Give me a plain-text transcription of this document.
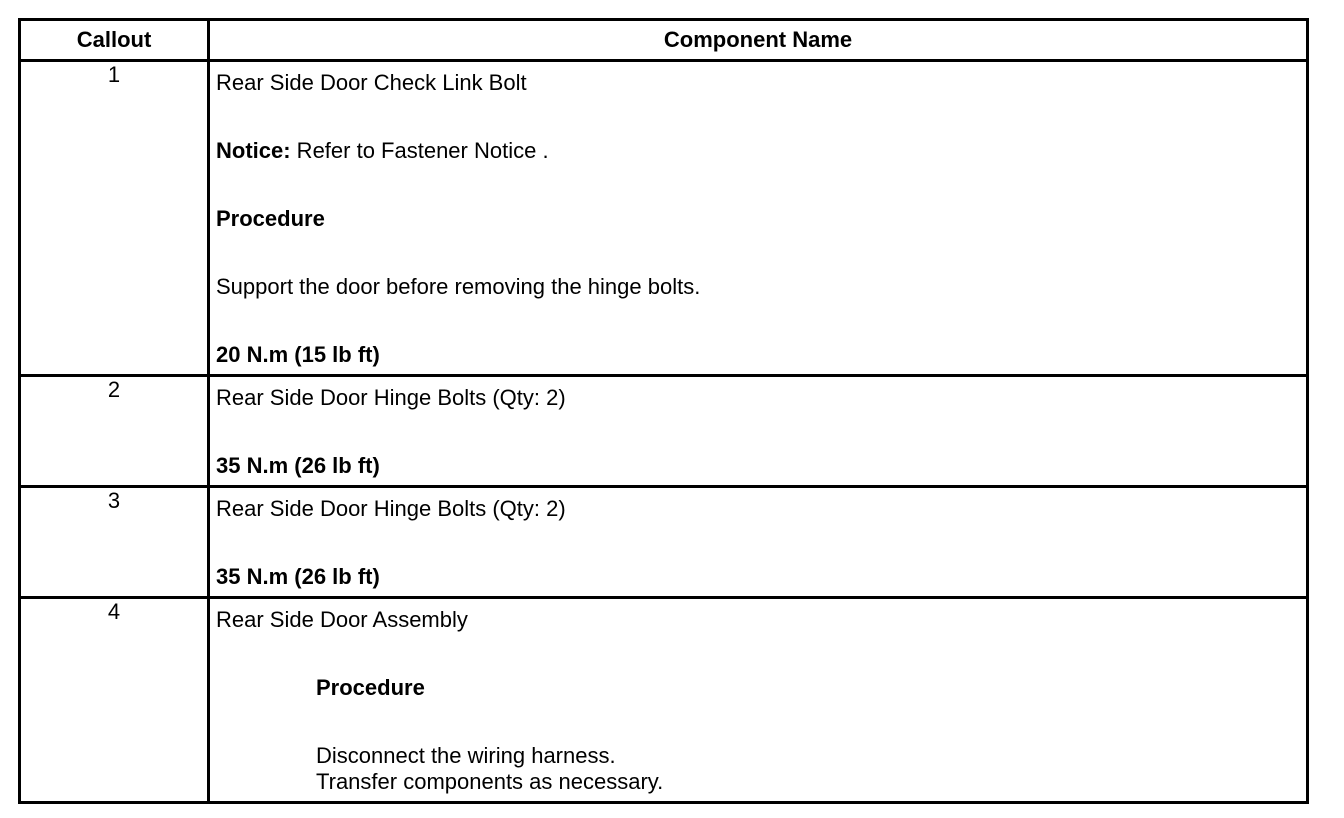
Callout	Component Name
1	Rear Side Door Check Link Bolt
Notice: Refer to Fastener Notice .
Procedure
Support the door before removing the hinge bolts.
20 N.m (15 lb ft)

2	Rear Side Door Hinge Bolts (Qty: 2)
35 N.m (26 lb ft)

3	Rear Side Door Hinge Bolts (Qty: 2)
35 N.m (26 lb ft)

4	Rear Side Door Assembly
Procedure
Disconnect the wiring harness.
Transfer components as necessary.
